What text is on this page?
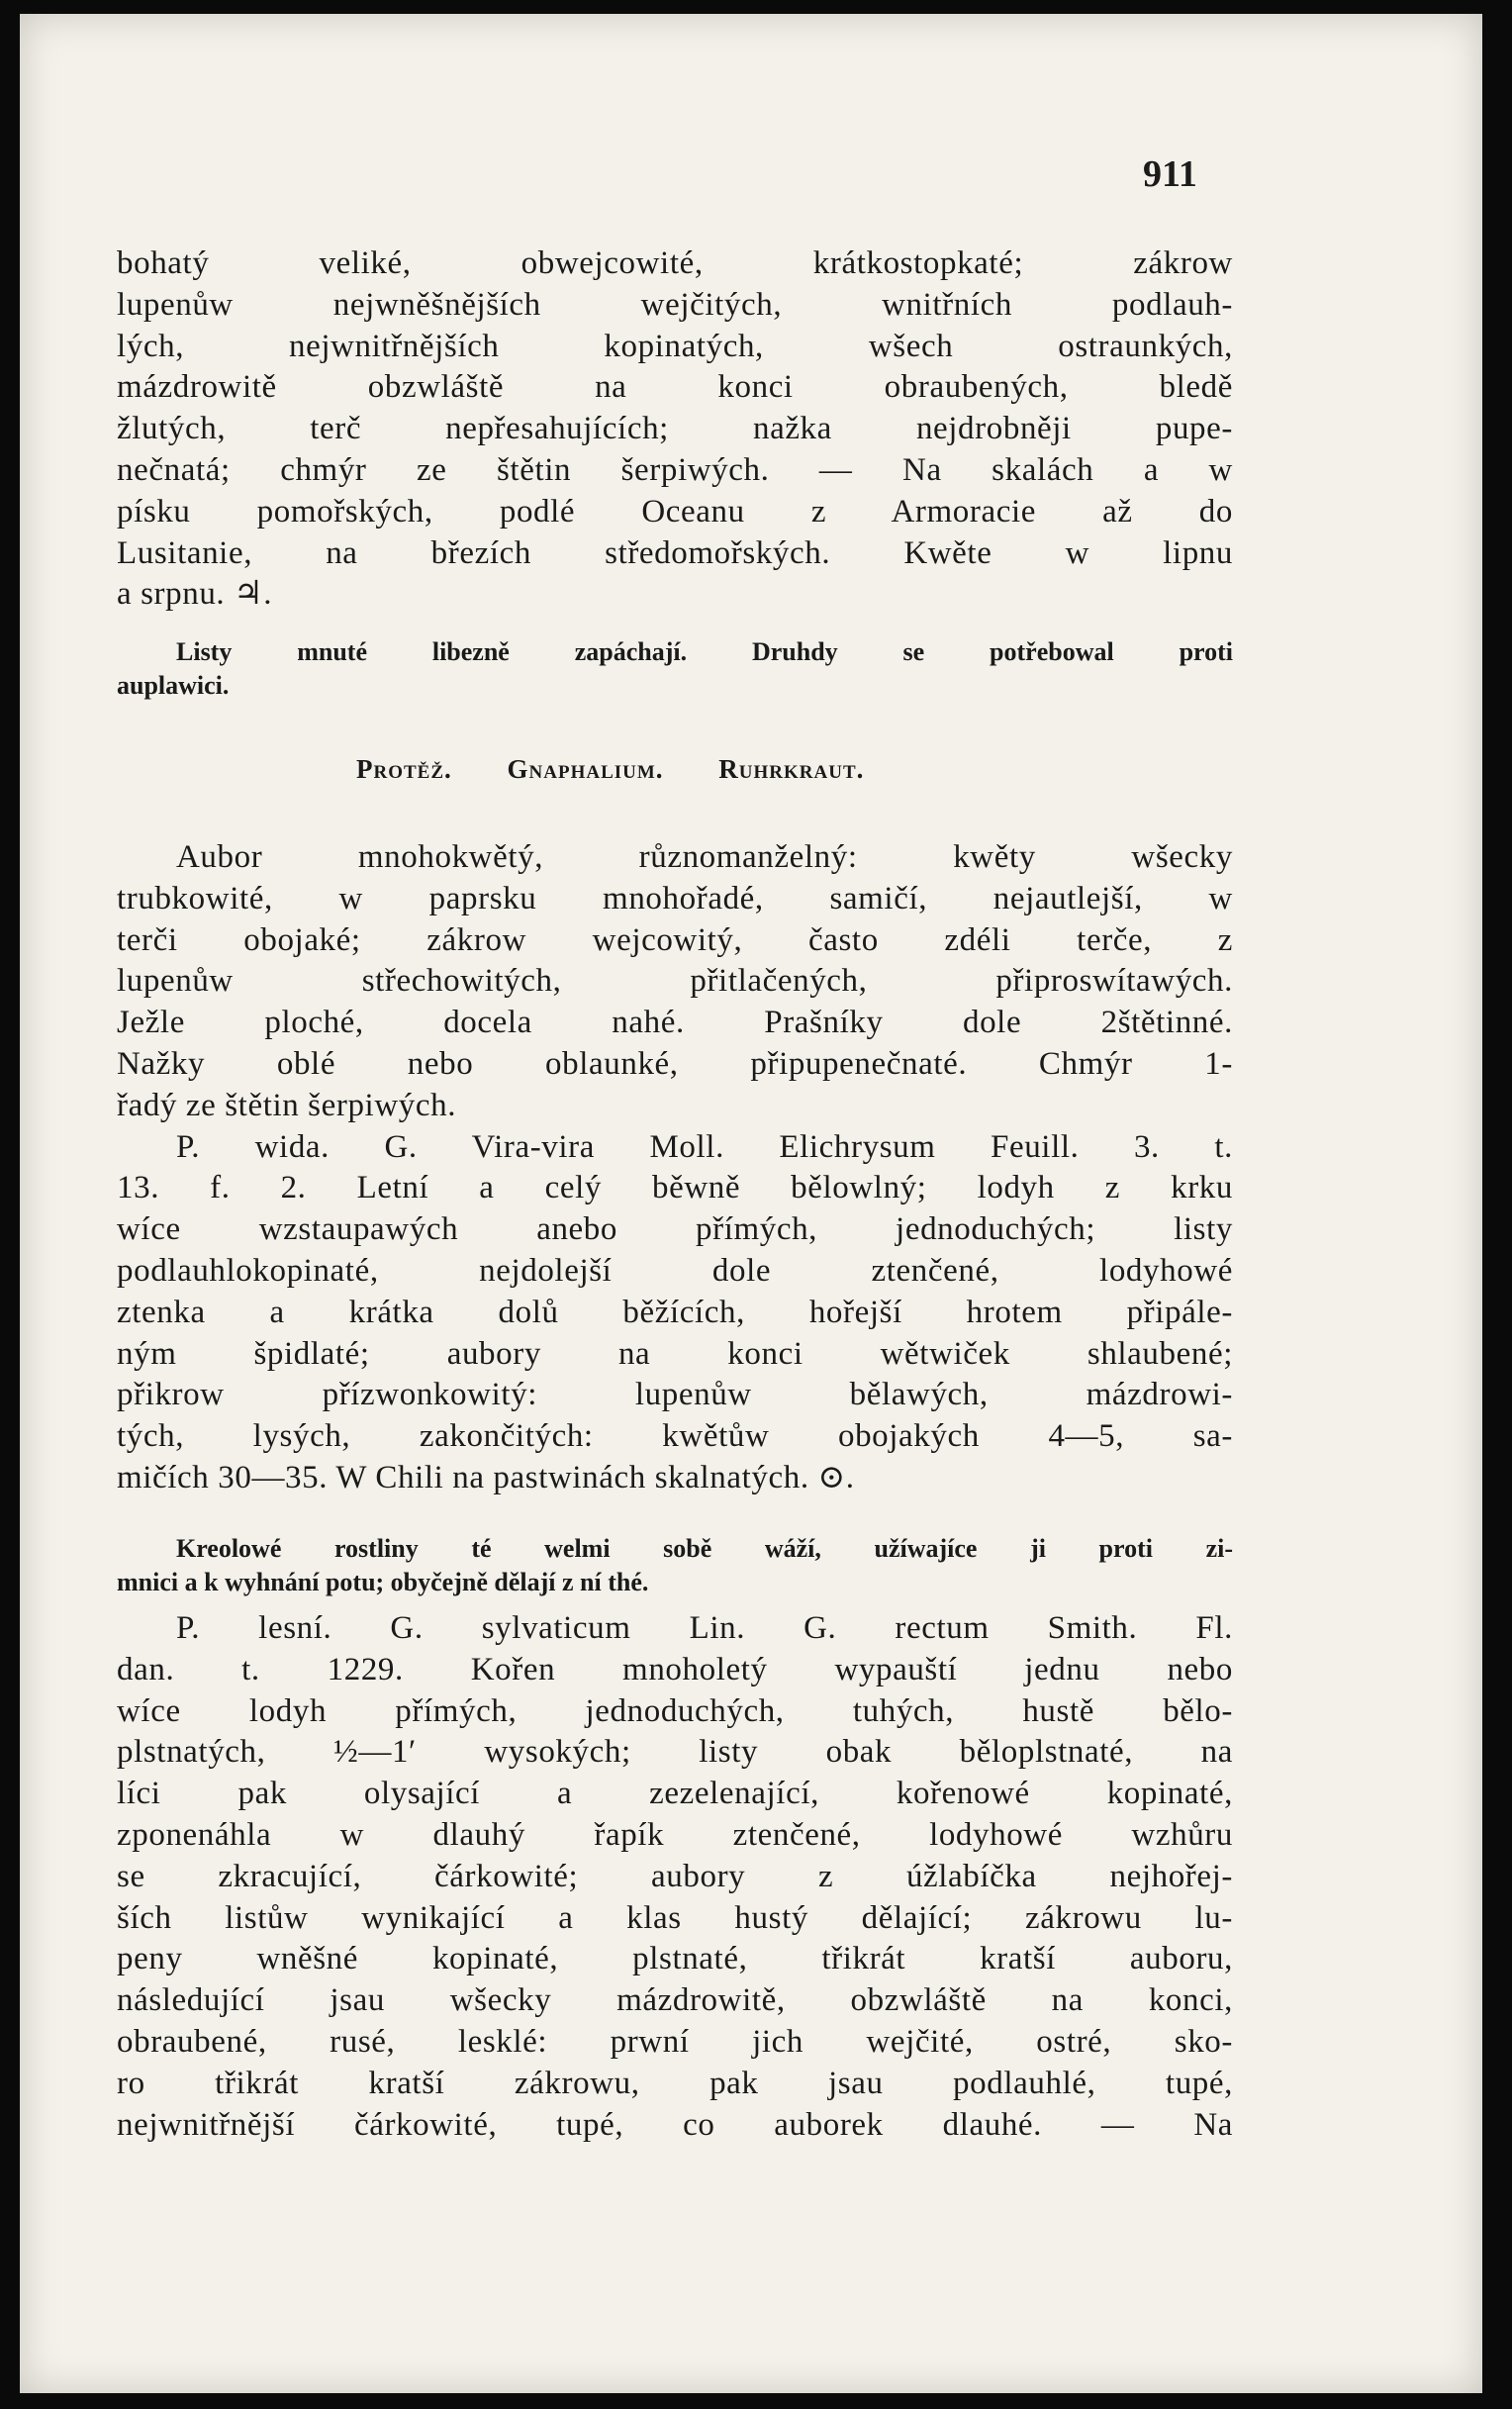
911
bohatý veliké, obwejcowité, krátkostopkaté; zákrow
lupenůw nejwněšnějších wejčitých, wnitřních podlauh-
lých, nejwnitřnějších kopinatých, wšech ostraunkých,
mázdrowitě obzwláště na konci obraubených, bledě
žlutých, terč nepřesahujících; nažka nejdrobněji pupe-
nečnatá; chmýr ze štětin šerpiwých. — Na skalách a w
písku pomořských, podlé Oceanu z Armoracie až do
Lusitanie, na březích středomořských. Kwěte w lipnu
a srpnu. ♃.
Listy mnuté libezně zapáchají. Druhdy se potřebowal proti
auplawici.
Protěž. Gnaphalium. Ruhrkraut.
Aubor mnohokwětý, různomanželný: kwěty wšecky
trubkowité, w paprsku mnohořadé, samičí, nejautlejší, w
terči obojaké; zákrow wejcowitý, často zdéli terče, z
lupenůw střechowitých, přitlačených, připroswítawých.
Ježle ploché, docela nahé. Prašníky dole 2štětinné.
Nažky oblé nebo oblaunké, připupenečnaté. Chmýr 1-
řadý ze štětin šerpiwých.
P. wida. G. Vira-vira Moll. Elichrysum Feuill. 3. t.
13. f. 2. Letní a celý běwně bělowlný; lodyh z krku
wíce wzstaupawých anebo přímých, jednoduchých; listy
podlauhlokopinaté, nejdolejší dole ztenčené, lodyhowé
ztenka a krátka dolů běžících, hořejší hrotem připále-
ným špidlaté; aubory na konci wětwiček shlaubené;
přikrow přízwonkowitý: lupenůw bělawých, mázdrowi-
tých, lysých, zakončitých: kwětůw obojakých 4—5, sa-
mičích 30—35. W Chili na pastwinách skalnatých. ⊙.
Kreolowé rostliny té welmi sobě wáží, užíwajíce ji proti zi-
mnici a k wyhnání potu; obyčejně dělají z ní thé.
P. lesní. G. sylvaticum Lin. G. rectum Smith. Fl.
dan. t. 1229. Kořen mnoholetý wypauští jednu nebo
wíce lodyh přímých, jednoduchých, tuhých, hustě bělo-
plstnatých, ½—1′ wysokých; listy obak běloplstnaté, na
líci pak olysající a zezelenající, kořenowé kopinaté,
zponenáhla w dlauhý řapík ztenčené, lodyhowé wzhůru
se zkracující, čárkowité; aubory z úžlabíčka nejhořej-
ších listůw wynikající a klas hustý dělající; zákrowu lu-
peny wněšné kopinaté, plstnaté, třikrát kratší auboru,
následující jsau wšecky mázdrowitě, obzwláště na konci,
obraubené, rusé, lesklé: prwní jich wejčité, ostré, sko-
ro třikrát kratší zákrowu, pak jsau podlauhlé, tupé,
nejwnitřnější čárkowité, tupé, co auborek dlauhé. — Na
